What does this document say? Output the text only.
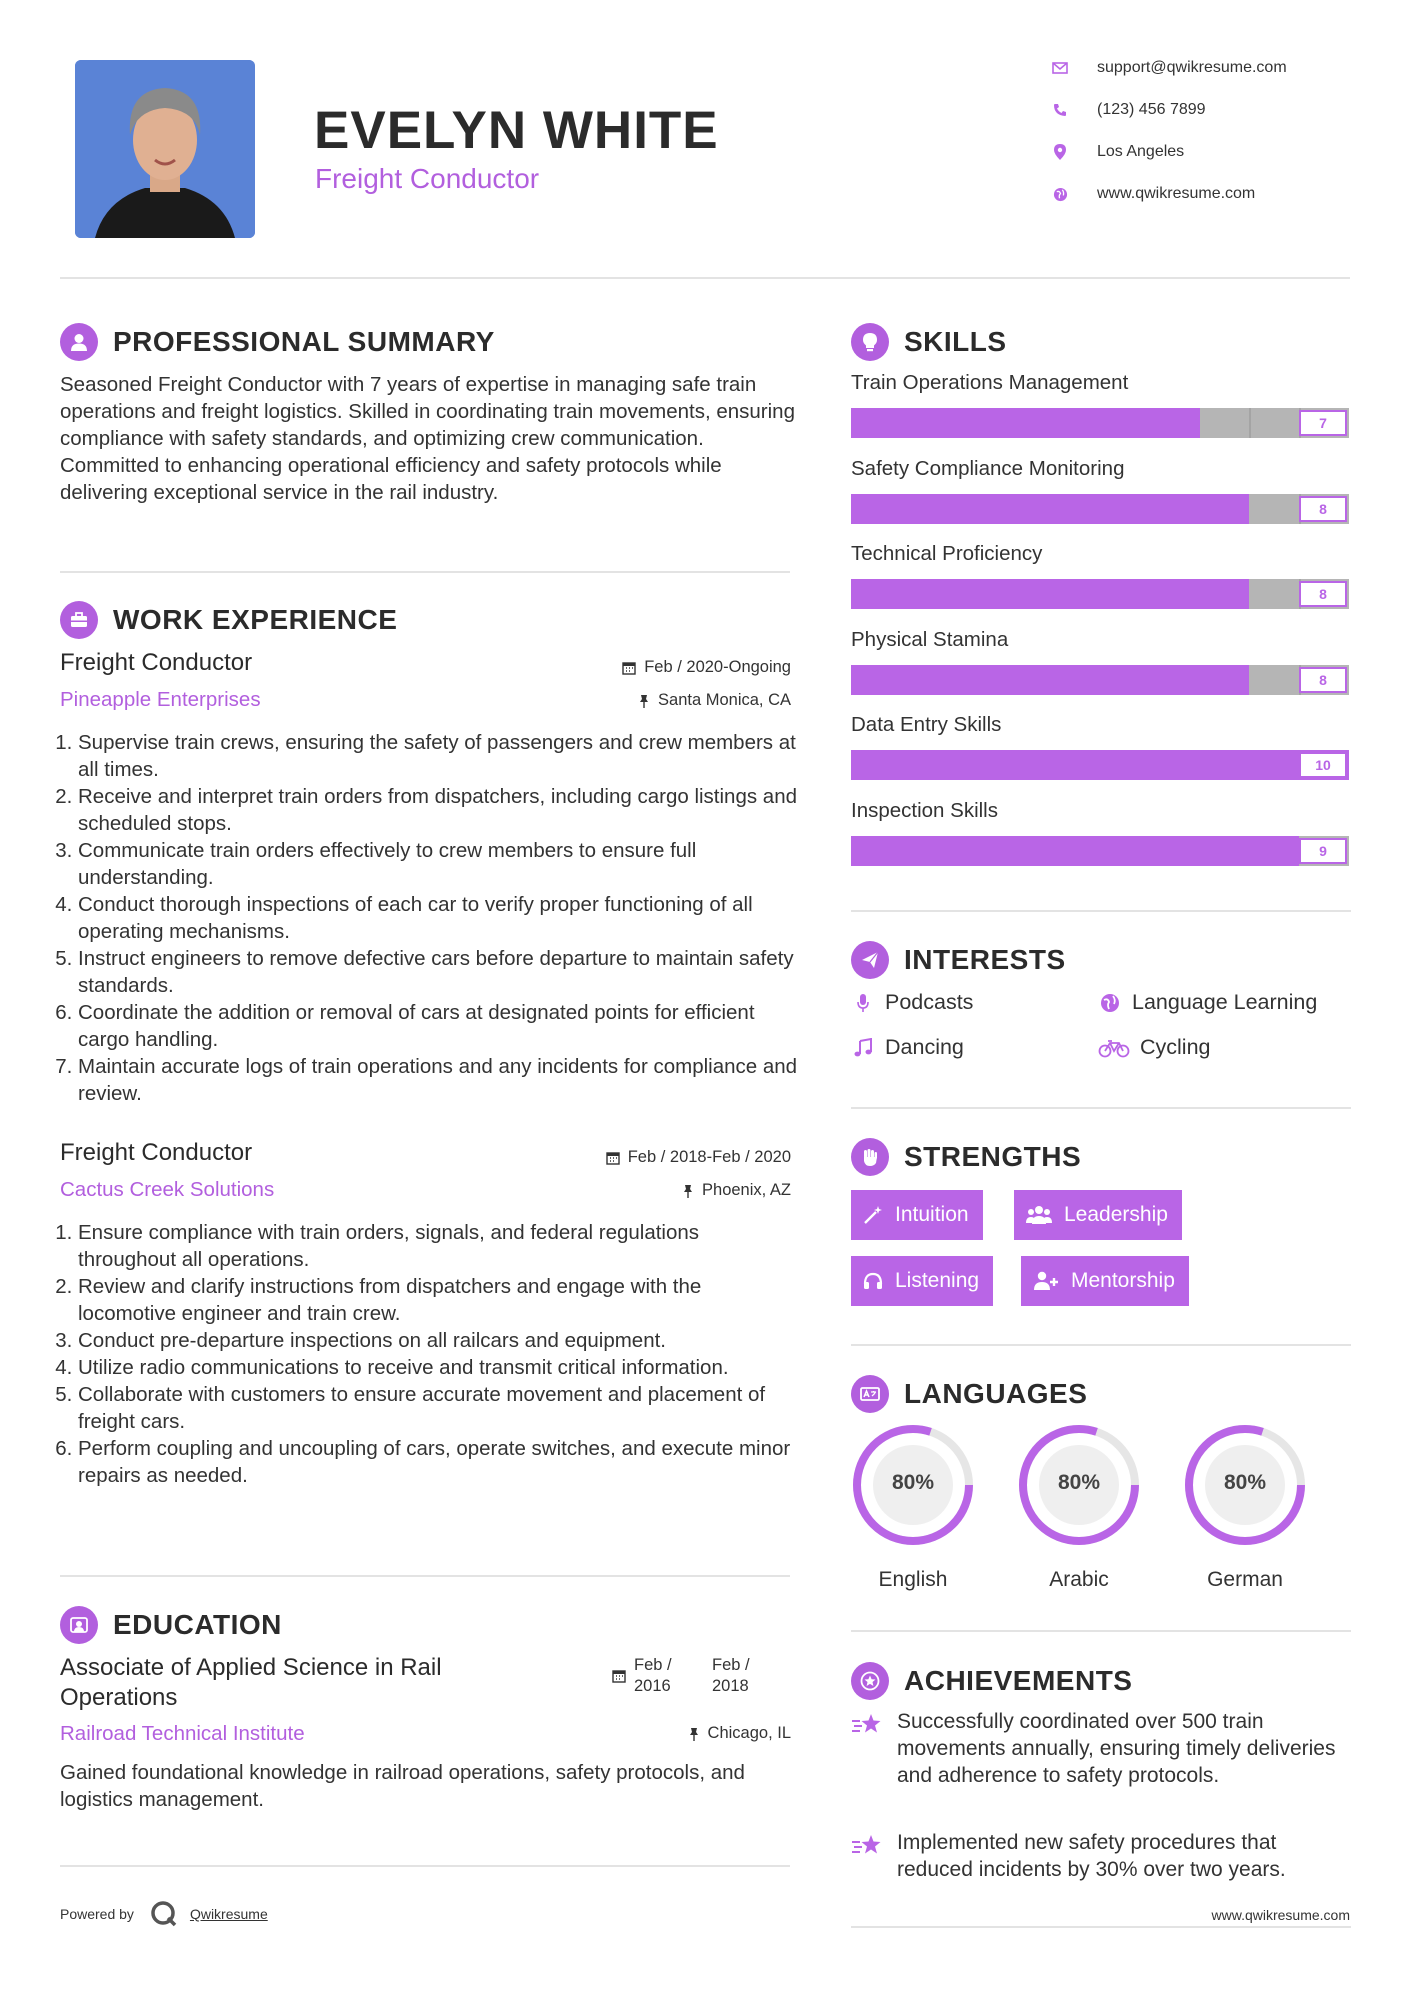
EVELYN WHITE
Freight Conductor
support@qwikresume.com
(123) 456 7899
Los Angeles
www.qwikresume.com
PROFESSIONAL SUMMARY
Seasoned Freight Conductor with 7 years of expertise in managing safe train operations and freight logistics. Skilled in coordinating train movements, ensuring compliance with safety standards, and optimizing crew communication. Committed to enhancing operational efficiency and safety protocols while delivering exceptional service in the rail industry.
WORK EXPERIENCE
Freight Conductor	Feb / 2020-Ongoing
Pineapple Enterprises	Santa Monica, CA
1. Supervise train crews, ensuring the safety of passengers and crew members at all times.
2. Receive and interpret train orders from dispatchers, including cargo listings and scheduled stops.
3. Communicate train orders effectively to crew members to ensure full understanding.
4. Conduct thorough inspections of each car to verify proper functioning of all operating mechanisms.
5. Instruct engineers to remove defective cars before departure to maintain safety standards.
6. Coordinate the addition or removal of cars at designated points for efficient cargo handling.
7. Maintain accurate logs of train operations and any incidents for compliance and review.
Freight Conductor	Feb / 2018-Feb / 2020
Cactus Creek Solutions	Phoenix, AZ
1. Ensure compliance with train orders, signals, and federal regulations throughout all operations.
2. Review and clarify instructions from dispatchers and engage with the locomotive engineer and train crew.
3. Conduct pre-departure inspections on all railcars and equipment.
4. Utilize radio communications to receive and transmit critical information.
5. Collaborate with customers to ensure accurate movement and placement of freight cars.
6. Perform coupling and uncoupling of cars, operate switches, and execute minor repairs as needed.
EDUCATION
Associate of Applied Science in Rail Operations
Feb / 2016
Feb / 2018
Railroad Technical Institute	Chicago, IL
Gained foundational knowledge in railroad operations, safety protocols, and logistics management.
Powered by	Qwikresume
SKILLS
Train Operations Management
7
Safety Compliance Monitoring
8
Technical Proficiency
8
Physical Stamina
8
Data Entry Skills
10
Inspection Skills
9
INTERESTS
Podcasts	Language Learning
Dancing	Cycling
STRENGTHS
Intuition	Leadership
Listening	Mentorship
LANGUAGES
80%
English
80%
Arabic
80%
German
ACHIEVEMENTS
Successfully coordinated over 500 train movements annually, ensuring timely deliveries and adherence to safety protocols.
Implemented new safety procedures that reduced incidents by 30% over two years.
www.qwikresume.com
